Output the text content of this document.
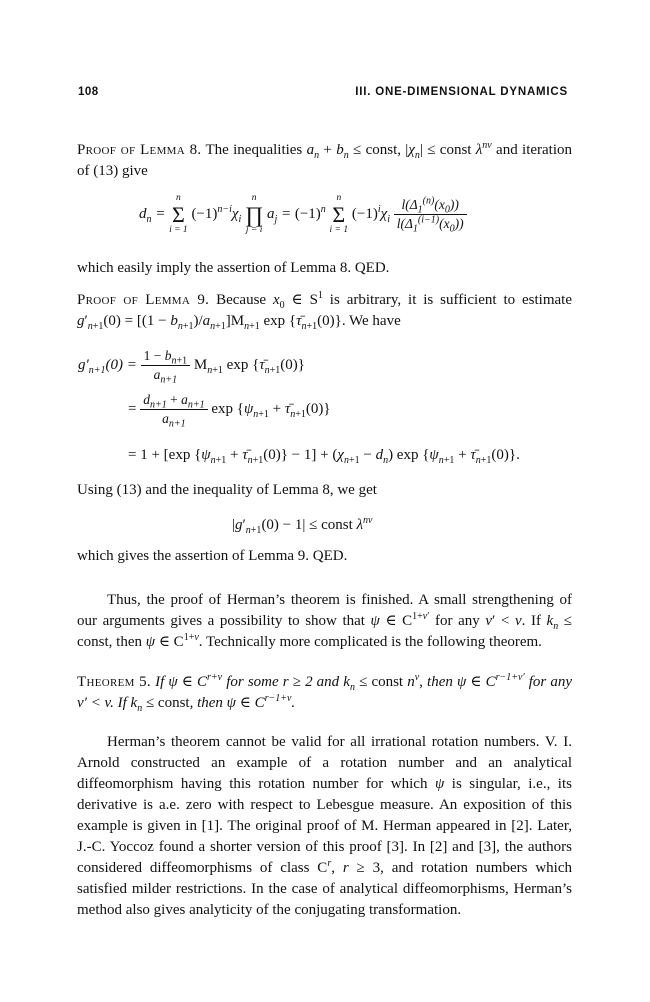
108	III. ONE-DIMENSIONAL DYNAMICS
Proof of Lemma 8. The inequalities $a_n + b_n$ ≤ const, $|\chi_n|$ ≤ const $\lambda^{nv}$ and iteration of (13) give
$d_n$ =
n
Σ
i = 1
$(-1)^{n-i}\chi_i$
n
∏
j = i
$a_j = (-1)^n$
n
Σ
i = 1
$(-1)^i\chi_i \frac{l(\Delta_1^{(n)}(x_0))}{l(\Delta_1^{(i-1)}(x_0))}$
which easily imply the assertion of Lemma 8. QED.
Proof of Lemma 9. Because $x_0$ ∈ $S^1$ is arbitrary, it is sufficient to estimate $g'_{n+1}(0) = [(1 - b_{n+1})/a_{n+1}]M_{n+1}$ $\exp \{\taū_{n+1}(0)\}$. We have
$g'_{n+1}(0) = \frac{1 - b_{n+1}}{a_{n+1}} M_{n+1}$ $\exp \{\taū_{n+1}(0)\}$
= $\frac{d_{n+1} + a_{n+1}}{a_{n+1}}$ $\exp \{\psi_{n+1}$ + $\taū_{n+1}(0)$}
= 1 + [exp {$\psi_{n+1}$ + $\taū_{n+1}(0)\} - 1] + (\chi_{n+1} - d_n)$ $\exp \{\psi_{n+1}$ + $\taū_{n+1}(0)$}.
Using (13) and the inequality of Lemma 8, we get
$|g'_{n+1}(0) - 1|$ ≤ const $\lambda^{nv}$
which gives the assertion of Lemma 9. QED.
Thus, the proof of Herman’s theorem is finished. A small strengthening of our arguments gives a possibility to show that ψ ∈ $C^{1+v'}$ for any v′ < v. If $k_n$ ≤ const, then ψ ∈ $C^{1+v}$. Technically more complicated is the following theorem.
Theorem 5. If ψ ∈ $C^{r+v}$ for some r ≥ 2 and $k_n$ ≤ const $n^v$, then ψ ∈ $C^{r-1+v'}$ for any v′ < v. If $k_n$ ≤ const, then ψ ∈ $C^{r-1+v}$.
Herman’s theorem cannot be valid for all irrational rotation numbers. V. I. Arnold constructed an example of a rotation number and an analytical diffeomorphism having this rotation number for which ψ is singular, i.e., its derivative is a.e. zero with respect to Lebesgue measure. An exposition of this example is given in [1]. The original proof of M. Herman appeared in [2]. Later, J.-C. Yoccoz found a shorter version of this proof [3]. In [2] and [3], the authors considered diffeomorphisms of class $C^r$, r ≥ 3, and rotation numbers which satisfied milder restrictions. In the case of analytical diffeomorphisms, Herman’s method also gives analyticity of the conjugating transformation.
